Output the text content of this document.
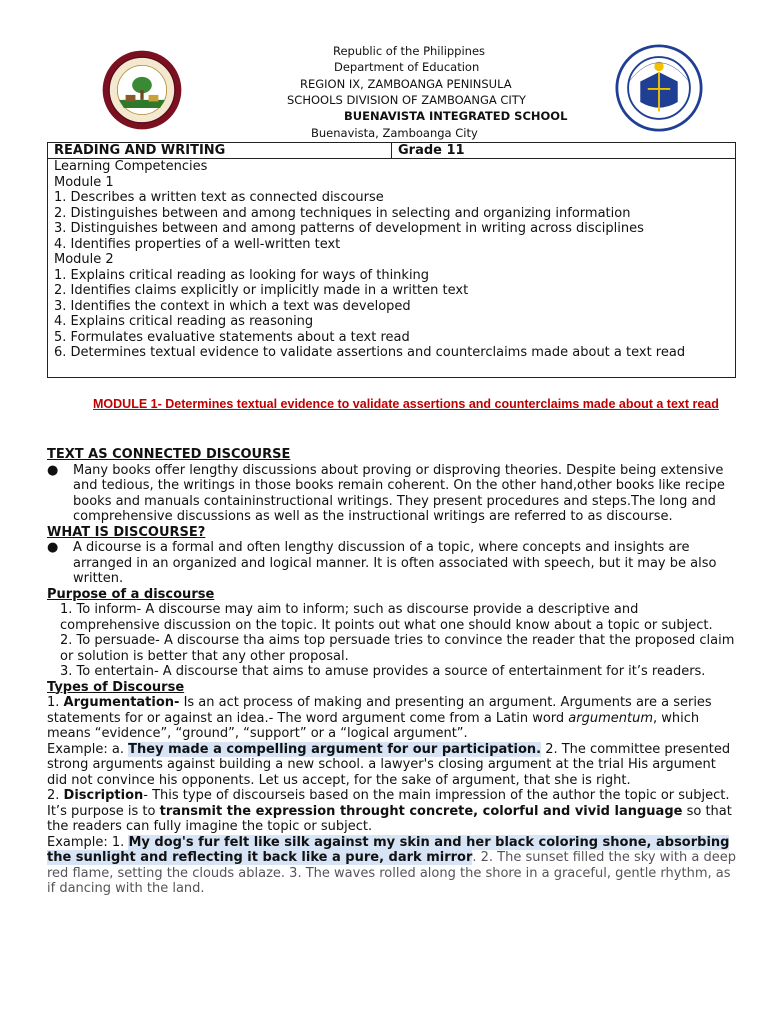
Republic of the Philippines
Department of Education
REGION IX, ZAMBOANGA PENINSULA
SCHOOLS DIVISION OF ZAMBOANGA CITY
BUENAVISTA INTEGRATED SCHOOL
Buenavista, Zamboanga City
READING AND WRITING	Grade 11
Learning Competencies
Module 1
1. Describes a written text as connected discourse
2. Distinguishes between and among techniques in selecting and organizing information
3. Distinguishes between and among patterns of development in writing across disciplines
4. Identifies properties of a well-written text
Module 2
1. Explains critical reading as looking for ways of thinking
2. Identifies claims explicitly or implicitly made in a written text
3. Identifies the context in which a text was developed
4. Explains critical reading as reasoning
5. Formulates evaluative statements about a text read
6. Determines textual evidence to validate assertions and counterclaims made about a text read
MODULE 1- Determines textual evidence to validate assertions and counterclaims made about a text read
TEXT AS CONNECTED DISCOURSE
● Many books offer lengthy discussions about proving or disproving theories. Despite being extensive and tedious, the writings in those books remain coherent. On the other hand,other books like recipe books and manuals containinstructional writings. They present procedures and steps.The long and comprehensive discussions as well as the instructional writings are referred to as discourse.
WHAT IS DISCOURSE?
● A dicourse is a formal and often lengthy discussion of a topic, where concepts and insights are arranged in an organized and logical manner. It is often associated with speech, but it may be also written.
Purpose of a discourse
1. To inform- A discourse may aim to inform; such as discourse provide a descriptive and comprehensive discussion on the topic. It points out what one should know about a topic or subject.
2. To persuade- A discourse tha aims top persuade tries to convince the reader that the proposed claim or solution is better that any other proposal.
3. To entertain- A discourse that aims to amuse provides a source of entertainment for it’s readers.
Types of Discourse
1. Argumentation- Is an act process of making and presenting an argument. Arguments are a series statements for or against an idea.- The word argument come from a Latin word argumentum, which means “evidence”, “ground”, “support” or a “logical argument”.
Example: a. They made a compelling argument for our participation. 2. The committee presented strong arguments against building a new school. a lawyer's closing argument at the trial His argument did not convince his opponents. Let us accept, for the sake of argument, that she is right.
2. Discription- This type of discourseis based on the main impression of the author the topic or subject. It’s purpose is to transmit the expression throught concrete, colorful and vivid language so that the readers can fully imagine the topic or subject.
Example: 1. My dog's fur felt like silk against my skin and her black coloring shone, absorbing the sunlight and reflecting it back like a pure, dark mirror. 2. The sunset filled the sky with a deep red flame, setting the clouds ablaze. 3. The waves rolled along the shore in a graceful, gentle rhythm, as if dancing with the land.
